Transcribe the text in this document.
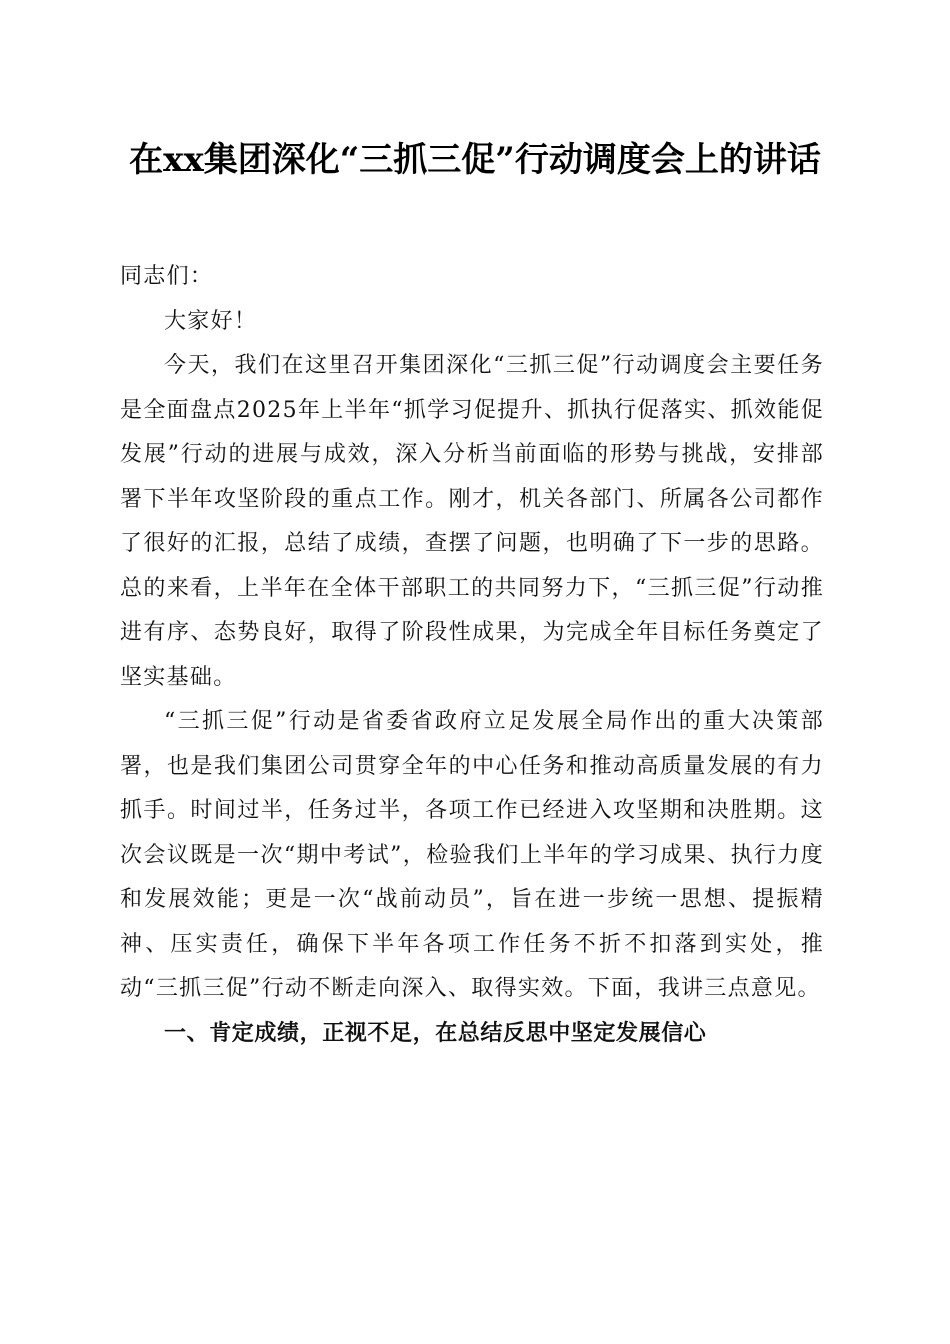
在xx集团深化“三抓三促”行动调度会上的讲话

同志们：

大家好！

今天，我们在这里召开集团深化“三抓三促”行动调度会主要任务是全面盘点2025年上半年“抓学习促提升、抓执行促落实、抓效能促发展”行动的进展与成效，深入分析当前面临的形势与挑战，安排部署下半年攻坚阶段的重点工作。刚才，机关各部门、所属各公司都作了很好的汇报，总结了成绩，查摆了问题，也明确了下一步的思路。总的来看，上半年在全体干部职工的共同努力下，“三抓三促”行动推进有序、态势良好，取得了阶段性成果，为完成全年目标任务奠定了坚实基础。

“三抓三促”行动是省委省政府立足发展全局作出的重大决策部署，也是我们集团公司贯穿全年的中心任务和推动高质量发展的有力抓手。时间过半，任务过半，各项工作已经进入攻坚期和决胜期。这次会议既是一次“期中考试”，检验我们上半年的学习成果、执行力度和发展效能；更是一次“战前动员”，旨在进一步统一思想、提振精神、压实责任，确保下半年各项工作任务不折不扣落到实处，推动“三抓三促”行动不断走向深入、取得实效。下面，我讲三点意见。

一、肯定成绩，正视不足，在总结反思中坚定发展信心
